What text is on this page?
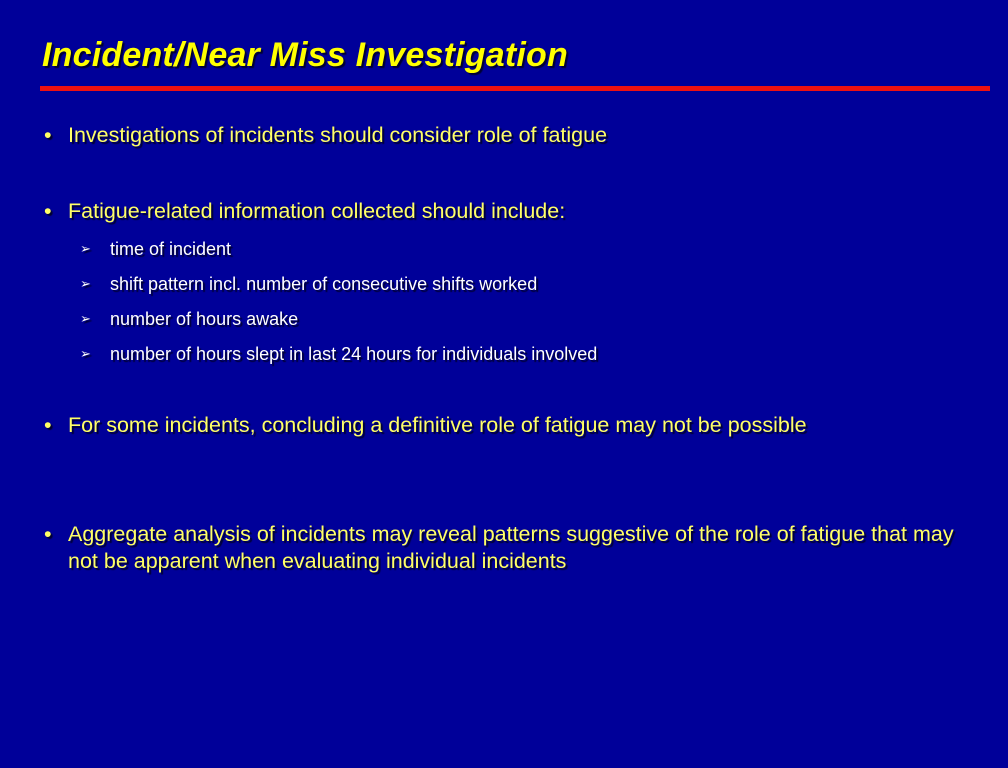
Incident/Near Miss Investigation
• Investigations of incidents should consider role of fatigue
• Fatigue-related information collected should include:
➢ time of incident
➢ shift pattern incl. number of consecutive shifts worked
➢ number of hours awake
➢ number of hours slept in last 24 hours for individuals involved
• For some incidents, concluding a definitive role of fatigue may not be possible
• Aggregate analysis of incidents may reveal patterns suggestive of the role of fatigue that may not be apparent when evaluating individual incidents
